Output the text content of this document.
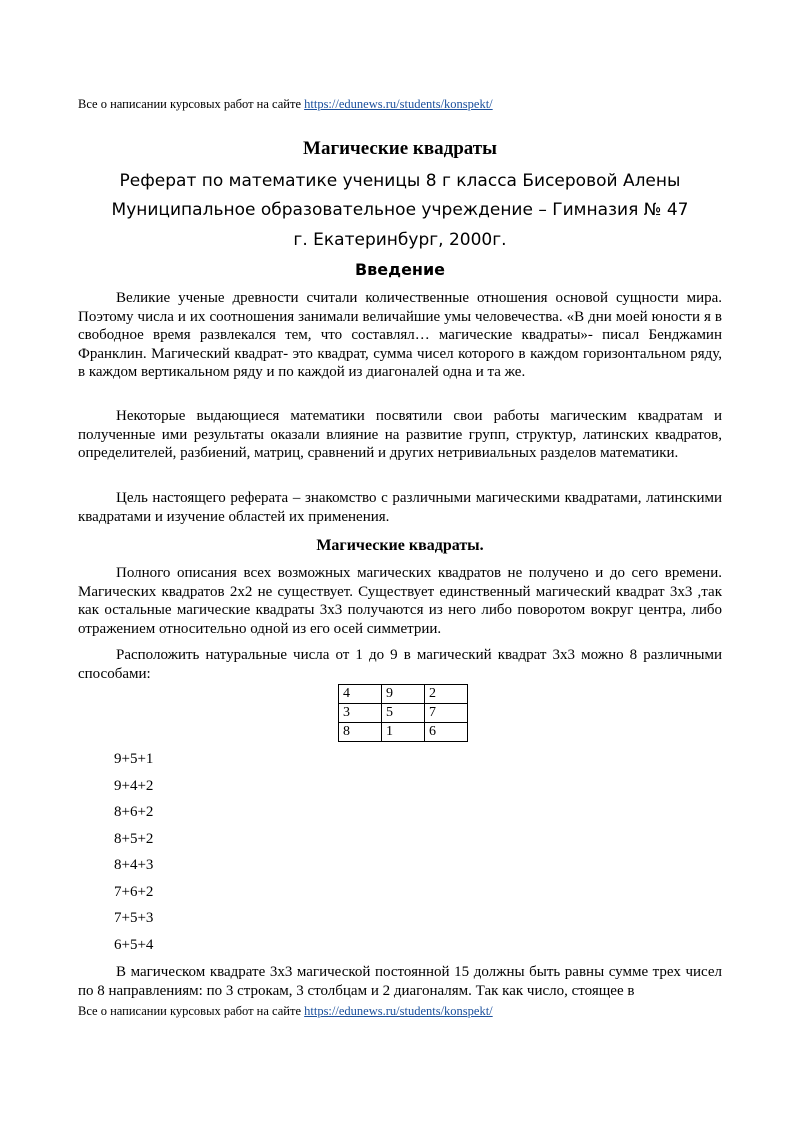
Все о написании курсовых работ на сайте https://edunews.ru/students/konspekt/
Магические квадраты
Реферат по математике ученицы 8 г класса Бисеровой Алены
Муниципальное образовательное учреждение – Гимназия № 47
г. Екатеринбург, 2000г.
Введение
Великие ученые древности считали количественные отношения основой сущности мира. Поэтому числа и их соотношения занимали величайшие умы человечества. «В дни моей юности я в свободное время развлекался тем, что составлял… магические квадраты»- писал Бенджамин Франклин. Магический квадрат- это квадрат, сумма чисел которого в каждом горизонтальном ряду, в каждом вертикальном ряду и по каждой из диагоналей одна и та же.
Некоторые выдающиеся математики посвятили свои работы магическим квадратам и полученные ими результаты оказали влияние на развитие групп, структур, латинских квадратов, определителей, разбиений, матриц, сравнений и других нетривиальных разделов математики.
Цель настоящего реферата – знакомство с различными магическими квадратами, латинскими квадратами и изучение областей их применения.
Магические квадраты.
Полного описания всех возможных магических квадратов не получено и до сего времени. Магических квадратов 2х2 не существует. Существует единственный магический квадрат 3х3 ,так как остальные магические квадраты 3х3 получаются из него либо поворотом вокруг центра, либо отражением относительно одной из его осей симметрии.
Расположить натуральные числа от 1 до 9 в магический квадрат 3х3 можно 8 различными способами:
4	9	2
3	5	7
8	1	6
9+5+1
9+4+2
8+6+2
8+5+2
8+4+3
7+6+2
7+5+3
6+5+4
В магическом квадрате 3х3 магической постоянной 15 должны быть равны сумме трех чисел по 8 направлениям: по 3 строкам, 3 столбцам и 2 диагоналям. Так как число, стоящее в
Все о написании курсовых работ на сайте https://edunews.ru/students/konspekt/
